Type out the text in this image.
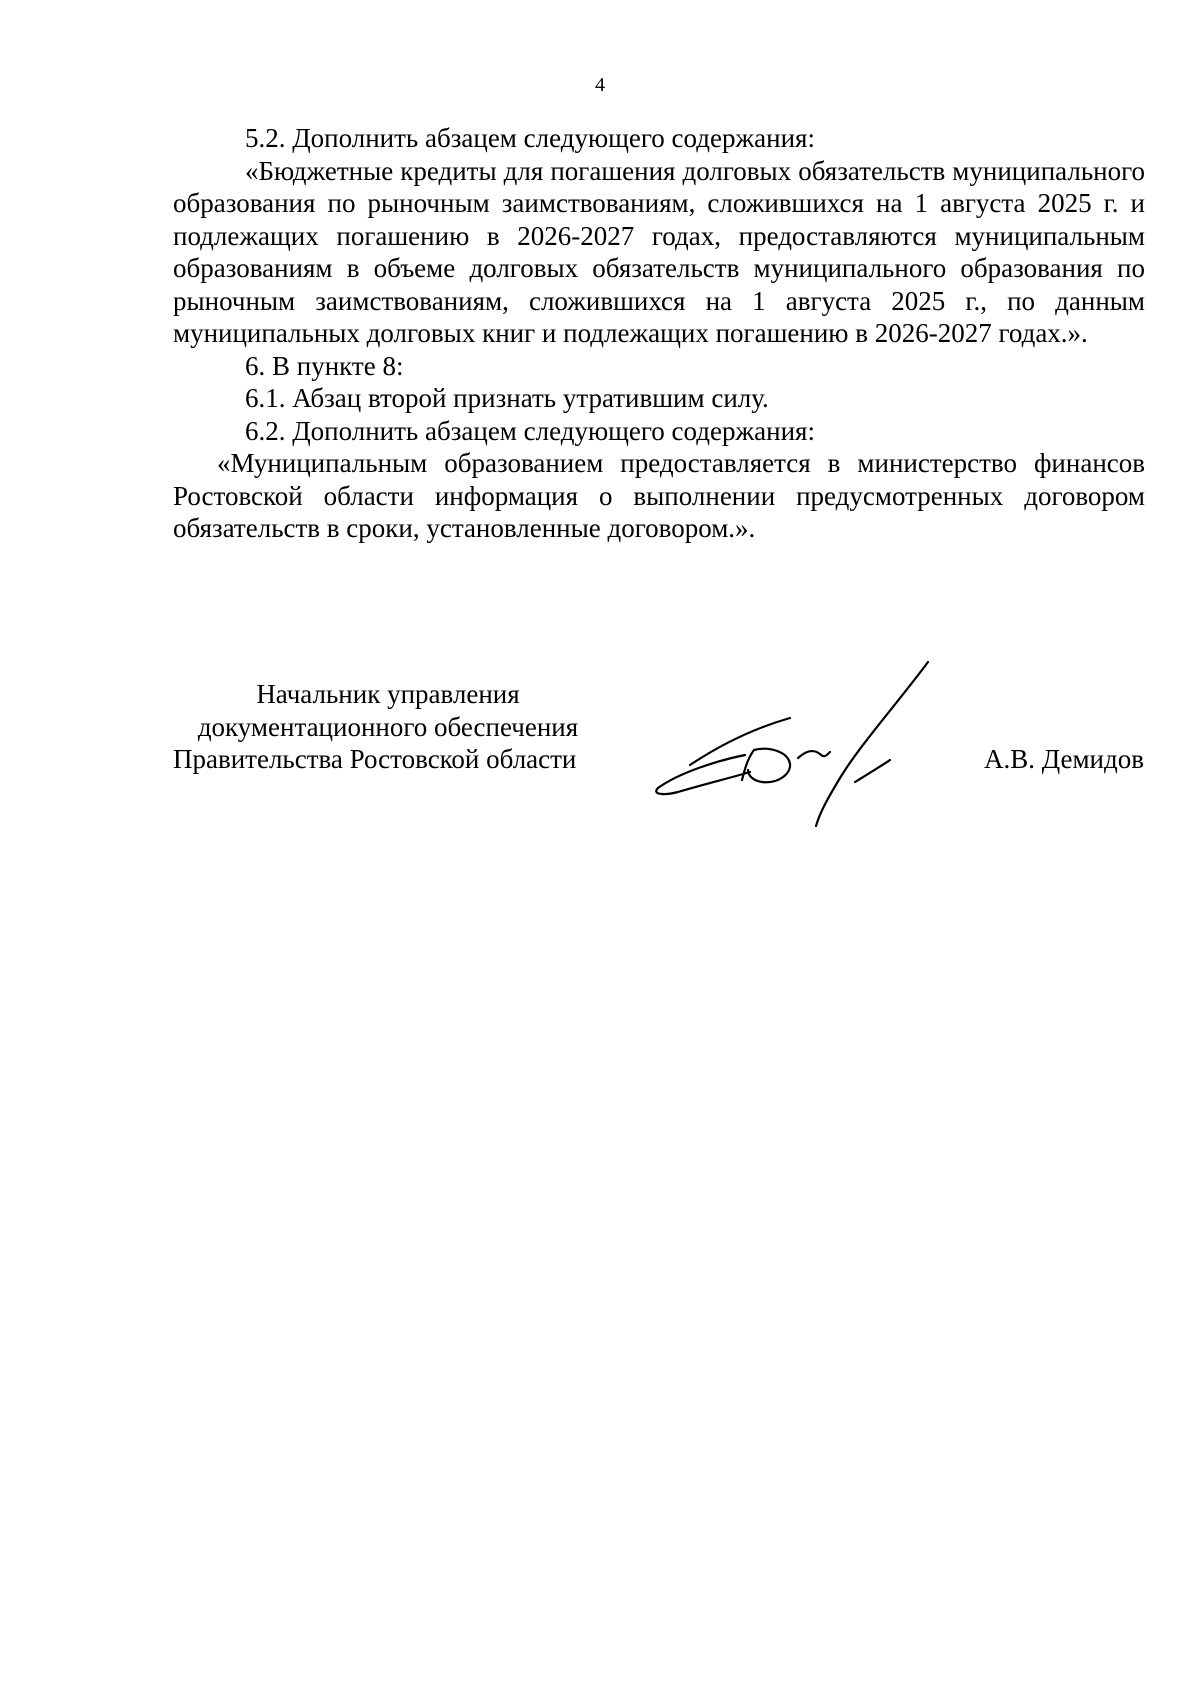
4

5.2. Дополнить абзацем следующего содержания:

«Бюджетные кредиты для погашения долговых обязательств муниципального образования по рыночным заимствованиям, сложившихся на 1 августа 2025 г. и подлежащих погашению в 2026-2027 годах, предоставляются муниципальным образованиям в объеме долговых обязательств муниципального образования по рыночным заимствованиям, сложившихся на 1 августа 2025 г., по данным муниципальных долговых книг и подлежащих погашению в 2026-2027 годах.».

6. В пункте 8:

6.1. Абзац второй признать утратившим силу.

6.2. Дополнить абзацем следующего содержания:

«Муниципальным образованием предоставляется в министерство финансов Ростовской области информация о выполнении предусмотренных договором обязательств в сроки, установленные договором.».

Начальник управления
документационного обеспечения
Правительства Ростовской области	А.В. Демидов
